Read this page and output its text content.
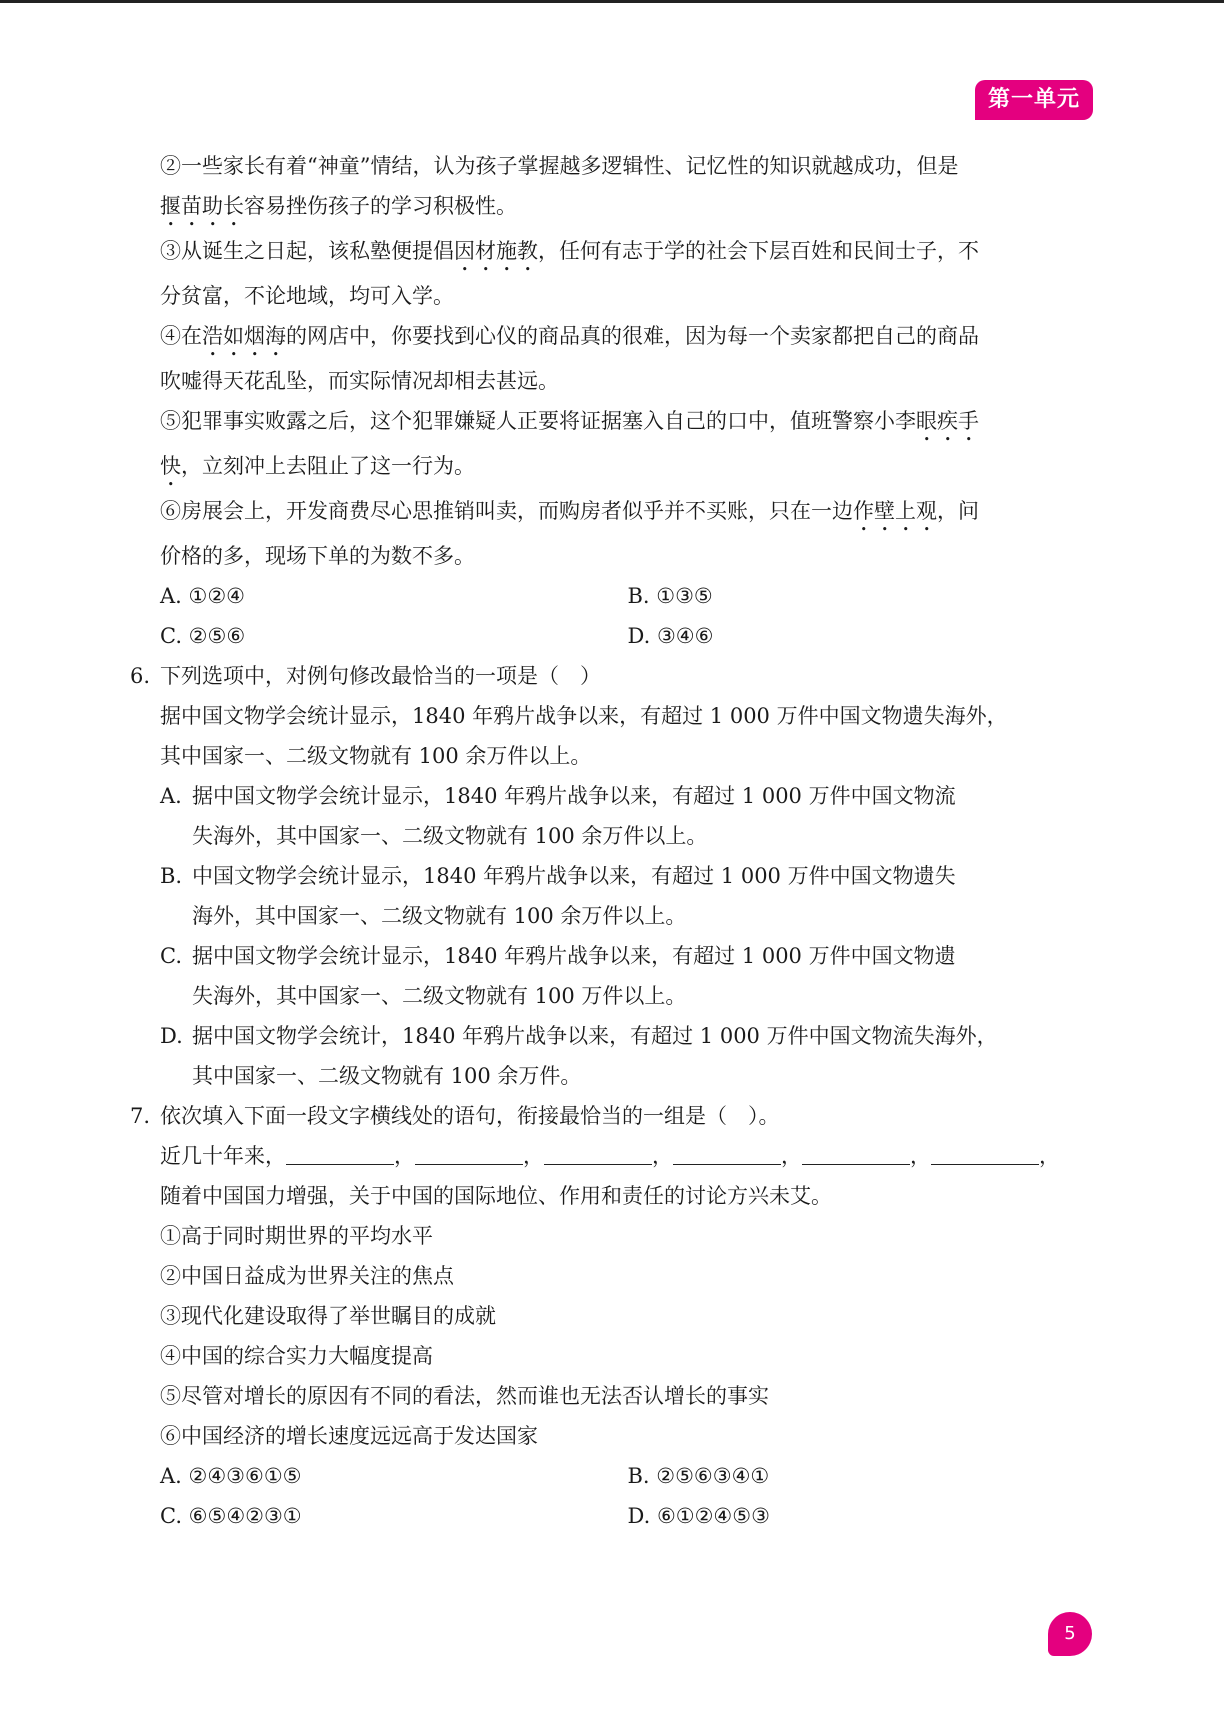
第一单元
②一些家长有着“神童”情结，认为孩子掌握越多逻辑性、记忆性的知识就越成功，但是
揠苗助长容易挫伤孩子的学习积极性。
③从诞生之日起，该私塾便提倡因材施教，任何有志于学的社会下层百姓和民间士子，不
分贫富，不论地域，均可入学。
④在浩如烟海的网店中，你要找到心仪的商品真的很难，因为每一个卖家都把自己的商品
吹嘘得天花乱坠，而实际情况却相去甚远。
⑤犯罪事实败露之后，这个犯罪嫌疑人正要将证据塞入自己的口中，值班警察小李眼疾手
快，立刻冲上去阻止了这一行为。
⑥房展会上，开发商费尽心思推销叫卖，而购房者似乎并不买账，只在一边作壁上观，问
价格的多，现场下单的为数不多。
A. ①②④	B. ①③⑤
C. ②⑤⑥	D. ③④⑥
6. 下列选项中，对例句修改最恰当的一项是（　）
据中国文物学会统计显示，1840 年鸦片战争以来，有超过 1 000 万件中国文物遗失海外，
其中国家一、二级文物就有 100 余万件以上。
A. 据中国文物学会统计显示，1840 年鸦片战争以来，有超过 1 000 万件中国文物流
失海外，其中国家一、二级文物就有 100 余万件以上。
B. 中国文物学会统计显示，1840 年鸦片战争以来，有超过 1 000 万件中国文物遗失
海外，其中国家一、二级文物就有 100 余万件以上。
C. 据中国文物学会统计显示，1840 年鸦片战争以来，有超过 1 000 万件中国文物遗
失海外，其中国家一、二级文物就有 100 万件以上。
D. 据中国文物学会统计，1840 年鸦片战争以来，有超过 1 000 万件中国文物流失海外，
其中国家一、二级文物就有 100 余万件。
7. 依次填入下面一段文字横线处的语句，衔接最恰当的一组是（　）。
近几十年来，	，	，	，	，	，	，
随着中国国力增强，关于中国的国际地位、作用和责任的讨论方兴未艾。
①高于同时期世界的平均水平
②中国日益成为世界关注的焦点
③现代化建设取得了举世瞩目的成就
④中国的综合实力大幅度提高
⑤尽管对增长的原因有不同的看法，然而谁也无法否认增长的事实
⑥中国经济的增长速度远远高于发达国家
A. ②④③⑥①⑤	B. ②⑤⑥③④①
C. ⑥⑤④②③①	D. ⑥①②④⑤③
5
